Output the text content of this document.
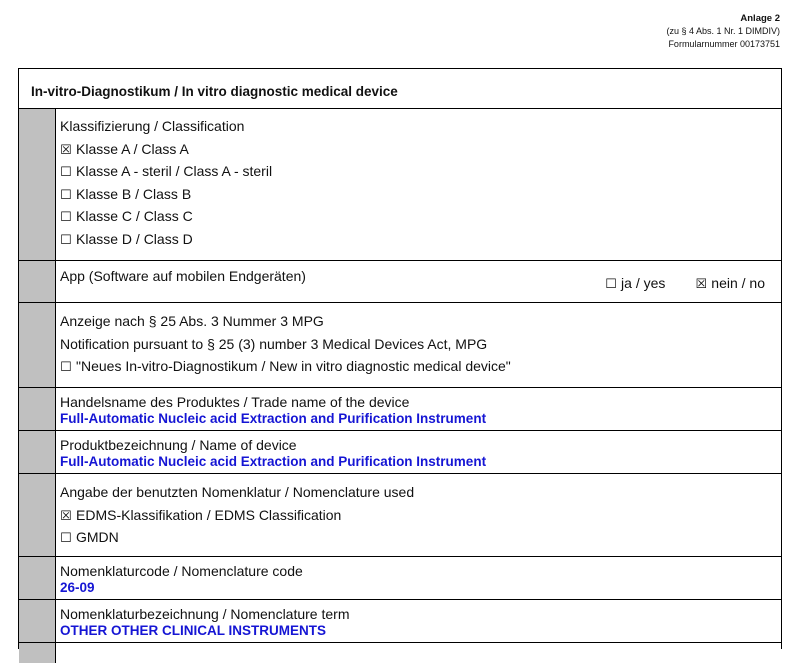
Anlage 2
(zu § 4 Abs. 1 Nr. 1 DIMDIV)
Formularnummer 00173751
In-vitro-Diagnostikum / In vitro diagnostic medical device
Klassifizierung / Classification
☒ Klasse A / Class A
☐ Klasse A - steril / Class A - steril
☐ Klasse B / Class B
☐ Klasse C / Class C
☐ Klasse D / Class D
App (Software auf mobilen Endgeräten)	☐ ja / yes ☒ nein / no
Anzeige nach § 25 Abs. 3 Nummer 3 MPG
Notification pursuant to § 25 (3) number 3 Medical Devices Act, MPG
☐ "Neues In-vitro-Diagnostikum / New in vitro diagnostic medical device"
Handelsname des Produktes / Trade name of the device
Full-Automatic Nucleic acid Extraction and Purification Instrument
Produktbezeichnung / Name of device
Full-Automatic Nucleic acid Extraction and Purification Instrument
Angabe der benutzten Nomenklatur / Nomenclature used
☒ EDMS-Klassifikation / EDMS Classification
☐ GMDN
Nomenklaturcode / Nomenclature code
26-09
Nomenklaturbezeichnung / Nomenclature term
OTHER OTHER CLINICAL INSTRUMENTS
